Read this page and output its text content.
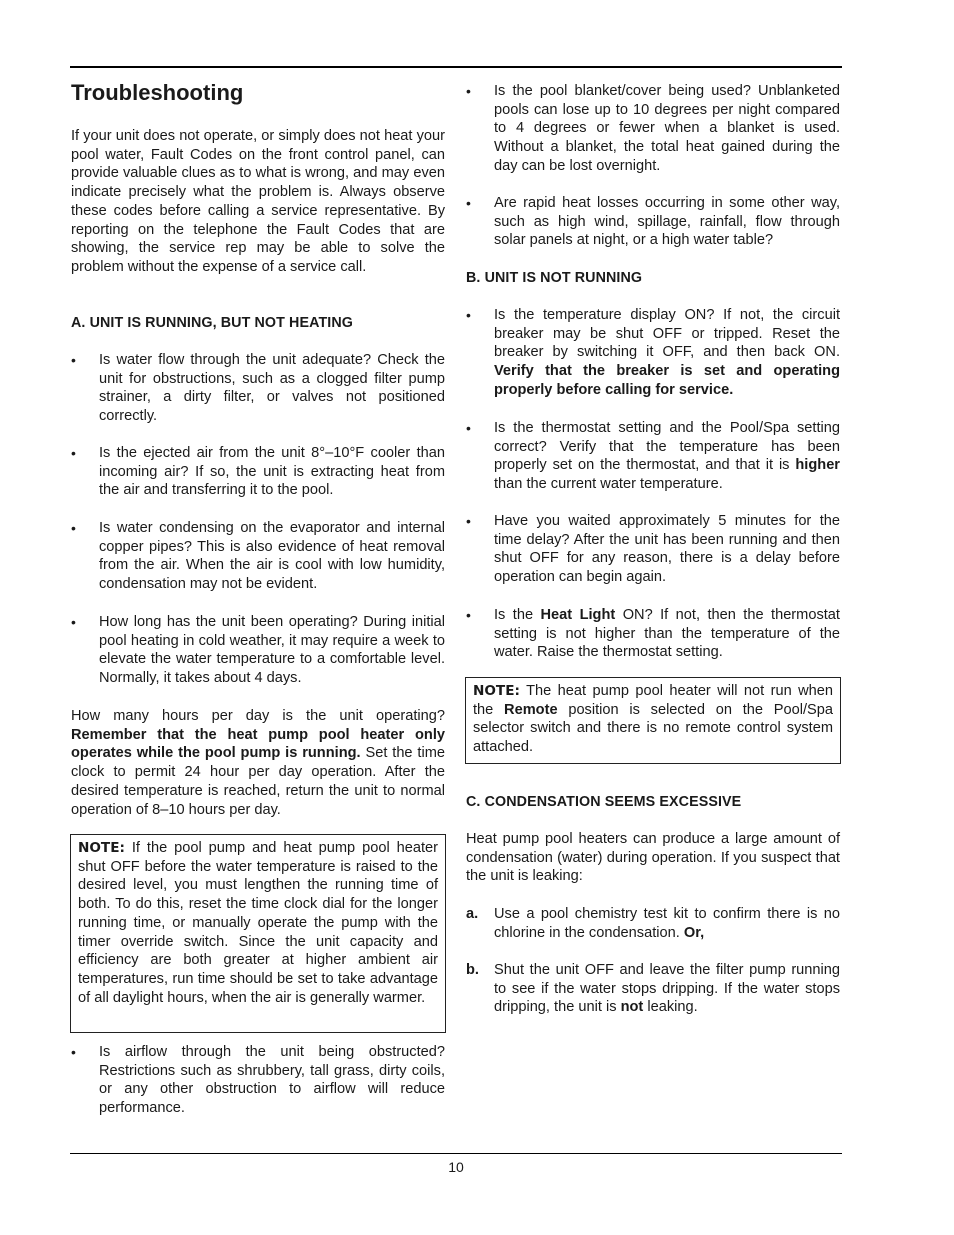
Troubleshooting

If your unit does not operate, or simply does not heat your pool water, Fault Codes on the front control panel, can provide valuable clues as to what is wrong, and may even indicate precisely what the problem is. Always observe these codes before calling a service representative. By reporting on the telephone the Fault Codes that are showing, the service rep may be able to solve the problem without the expense of a service call.

A. UNIT IS RUNNING, BUT NOT HEATING

•	Is water flow through the unit adequate? Check the unit for obstructions, such as a clogged filter pump strainer, a dirty filter, or valves not positioned correctly.

•	Is the ejected air from the unit 8°–10°F cooler than incoming air? If so, the unit is extracting heat from the air and transferring it to the pool.

•	Is water condensing on the evaporator and internal copper pipes? This is also evidence of heat removal from the air. When the air is cool with low humidity, condensation may not be evident.

•	How long has the unit been operating? During initial pool heating in cold weather, it may require a week to elevate the water temperature to a comfortable level. Normally, it takes about 4 days.

How many hours per day is the unit operating? Remember that the heat pump pool heater only operates while the pool pump is running. Set the time clock to permit 24 hour per day operation. After the desired temperature is reached, return the unit to normal operation of 8–10 hours per day.

NOTE: If the pool pump and heat pump pool heater shut OFF before the water temperature is raised to the desired level, you must lengthen the running time of both. To do this, reset the time clock dial for the longer running time, or manually operate the pump with the timer override switch. Since the unit capacity and efficiency are both greater at higher ambient air temperatures, run time should be set to take advantage of all daylight hours, when the air is generally warmer.

•	Is airflow through the unit being obstructed? Restrictions such as shrubbery, tall grass, dirty coils, or any other obstruction to airflow will reduce performance.

•	Is the pool blanket/cover being used? Unblanketed pools can lose up to 10 degrees per night compared to 4 degrees or fewer when a blanket is used. Without a blanket, the total heat gained during the day can be lost overnight.

•	Are rapid heat losses occurring in some other way, such as high wind, spillage, rainfall, flow through solar panels at night, or a high water table?

B. UNIT IS NOT RUNNING

•	Is the temperature display ON? If not, the circuit breaker may be shut OFF or tripped. Reset the breaker by switching it OFF, and then back ON. Verify that the breaker is set and operating properly before calling for service.

•	Is the thermostat setting and the Pool/Spa setting correct? Verify that the temperature has been properly set on the thermostat, and that it is higher than the current water temperature.

•	Have you waited approximately 5 minutes for the time delay? After the unit has been running and then shut OFF for any reason, there is a delay before operation can begin again.

•	Is the Heat Light ON? If not, then the thermostat setting is not higher than the temperature of the water. Raise the thermostat setting.

NOTE: The heat pump pool heater will not run when the Remote position is selected on the Pool/Spa selector switch and there is no remote control system attached.

C. CONDENSATION SEEMS EXCESSIVE

Heat pump pool heaters can produce a large amount of condensation (water) during operation. If you suspect that the unit is leaking:

a. Use a pool chemistry test kit to confirm there is no chlorine in the condensation. Or,

b. Shut the unit OFF and leave the filter pump running to see if the water stops dripping. If the water stops dripping, the unit is not leaking.

10
